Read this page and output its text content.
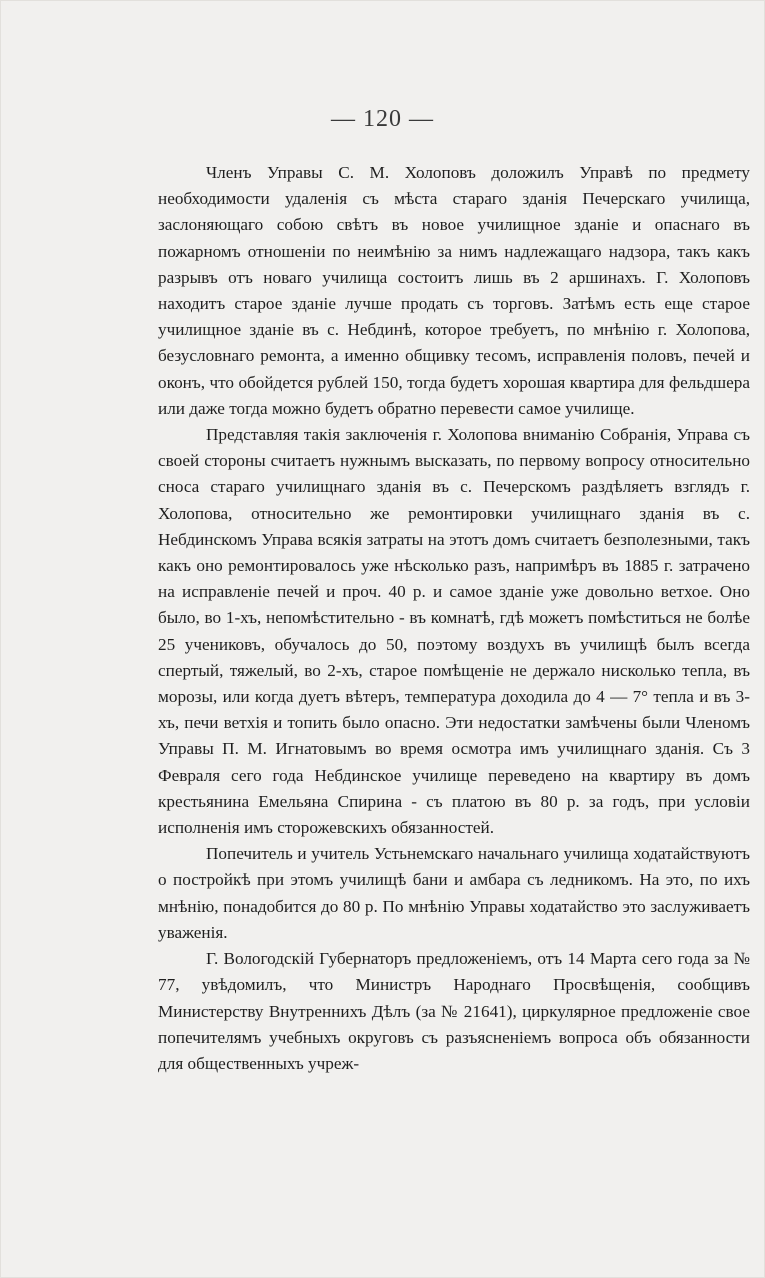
— 120 —

Членъ Управы С. М. Холоповъ доложилъ Управѣ по предмету необходимости удаленія съ мѣста стараго зданія Печерскаго училища, заслоняющаго собою свѣтъ въ новое училищное зданіе и опаснаго въ пожарномъ отношеніи по неимѣнію за нимъ надлежащаго надзора, такъ какъ разрывъ отъ новаго училища состоитъ лишь въ 2 аршинахъ. Г. Холоповъ находитъ старое зданіе лучше продать съ торговъ. Затѣмъ есть еще старое училищное зданіе въ с. Небдинѣ, которое требуетъ, по мнѣнію г. Холопова, безусловнаго ремонта, а именно общивку тесомъ, исправленія половъ, печей и оконъ, что обойдется рублей 150, тогда будетъ хорошая квартира для фельдшера или даже тогда можно будетъ обратно перевести самое училище.

Представляя такія заключенія г. Холопова вниманію Собранія, Управа съ своей стороны считаетъ нужнымъ высказать, по первому вопросу относительно сноса стараго училищнаго зданія въ с. Печерскомъ раздѣляетъ взглядъ г. Холопова, относительно же ремонтировки училищнаго зданія въ с. Небдинскомъ Управа всякія затраты на этотъ домъ считаетъ безполезными, такъ какъ оно ремонтировалось уже нѣсколько разъ, напримѣръ въ 1885 г. затрачено на исправленіе печей и проч. 40 р. и самое зданіе уже довольно ветхое. Оно было, во 1-хъ, непомѣстительно - въ комнатѣ, гдѣ можетъ помѣститься не болѣе 25 учениковъ, обучалось до 50, поэтому воздухъ въ училищѣ былъ всегда спертый, тяжелый, во 2-хъ, старое помѣщеніе не держало нисколько тепла, въ морозы, или когда дуетъ вѣтеръ, температура доходила до 4 — 7° тепла и въ 3-хъ, печи ветхія и топить было опасно. Эти недостатки замѣчены были Членомъ Управы П. М. Игнатовымъ во время осмотра имъ училищнаго зданія. Съ 3 Февраля сего года Небдинское училище переведено на квартиру въ домъ крестьянина Емельяна Спирина - съ платою въ 80 р. за годъ, при условіи исполненія имъ сторожевскихъ обязанностей.

Попечитель и учитель Устьнемскаго начальнаго училища ходатайствуютъ о постройкѣ при этомъ училищѣ бани и амбара съ ледникомъ. На это, по ихъ мнѣнію, понадобится до 80 р. По мнѣнію Управы ходатайство это заслуживаетъ уваженія.

Г. Вологодскій Губернаторъ предложеніемъ, отъ 14 Марта сего года за № 77, увѣдомилъ, что Министръ Народнаго Просвѣщенія, сообщивъ Министерству Внутреннихъ Дѣлъ (за № 21641), циркулярное предложеніе свое попечителямъ учебныхъ округовъ съ разъясненіемъ вопроса объ обязанности для общественныхъ учреж-
